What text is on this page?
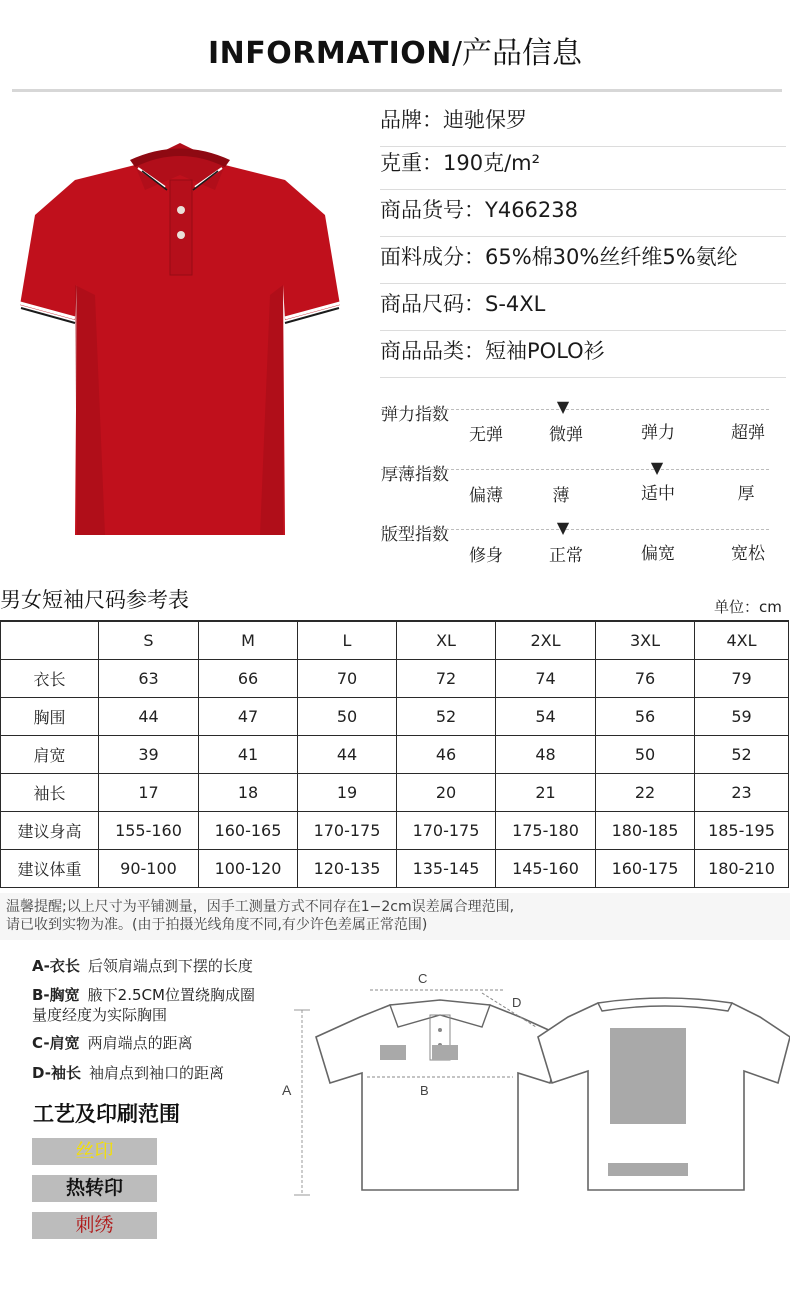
INFORMATION/产品信息
品牌：迪驰保罗
克重：190克/m²
商品货号：Y466238
面料成分：65%棉30%丝纤维5%氨纶
商品尺码：S-4XL
商品品类：短袖POLO衫
弹力指数	▼
无弹	微弹	弹力	超弹
厚薄指数	▼
偏薄	薄	适中	厚
版型指数	▼
修身	正常	偏宽	宽松
男女短袖尺码参考表	单位：cm
	S	M	L	XL	2XL	3XL	4XL
衣长	63	66	70	72	74	76	79
胸围	44	47	50	52	54	56	59
肩宽	39	41	44	46	48	50	52
袖长	17	18	19	20	21	22	23
建议身高	155-160	160-165	170-175	170-175	175-180	180-185	185-195
建议体重	90-100	100-120	120-135	135-145	145-160	160-175	180-210
温馨提醒;以上尺寸为平铺测量，因手工测量方式不同存在1−2cm误差属合理范围,
请已收到实物为准。(由于拍摄光线角度不同,有少许色差属正常范围)
A-衣长 后领肩端点到下摆的长度
B-胸宽 腋下2.5CM位置绕胸成圈
量度经度为实际胸围
C-肩宽 两肩端点的距离
D-袖长 袖肩点到袖口的距离
工艺及印刷范围
丝印
热转印
刺绣
A	B
C
D
